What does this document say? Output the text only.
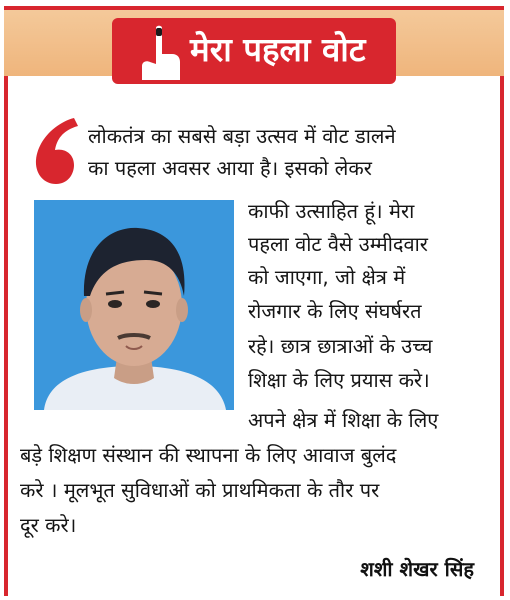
मेरा पहला वोट
लोकतंत्र का सबसे बड़ा उत्सव में वोट डालने
का पहला अवसर आया है। इसको लेकर
काफी उत्साहित हूं। मेरा
पहला वोट वैसे उम्मीदवार
को जाएगा, जो क्षेत्र में
रोजगार के लिए संघर्षरत
रहे। छात्र छात्राओं के उच्च
शिक्षा के लिए प्रयास करे।
अपने क्षेत्र में शिक्षा के लिए
बड़े शिक्षण संस्थान की स्थापना के लिए आवाज बुलंद
करे । मूलभूत सुविधाओं को प्राथमिकता के तौर पर
दूर करे।
शशी शेखर सिंह
